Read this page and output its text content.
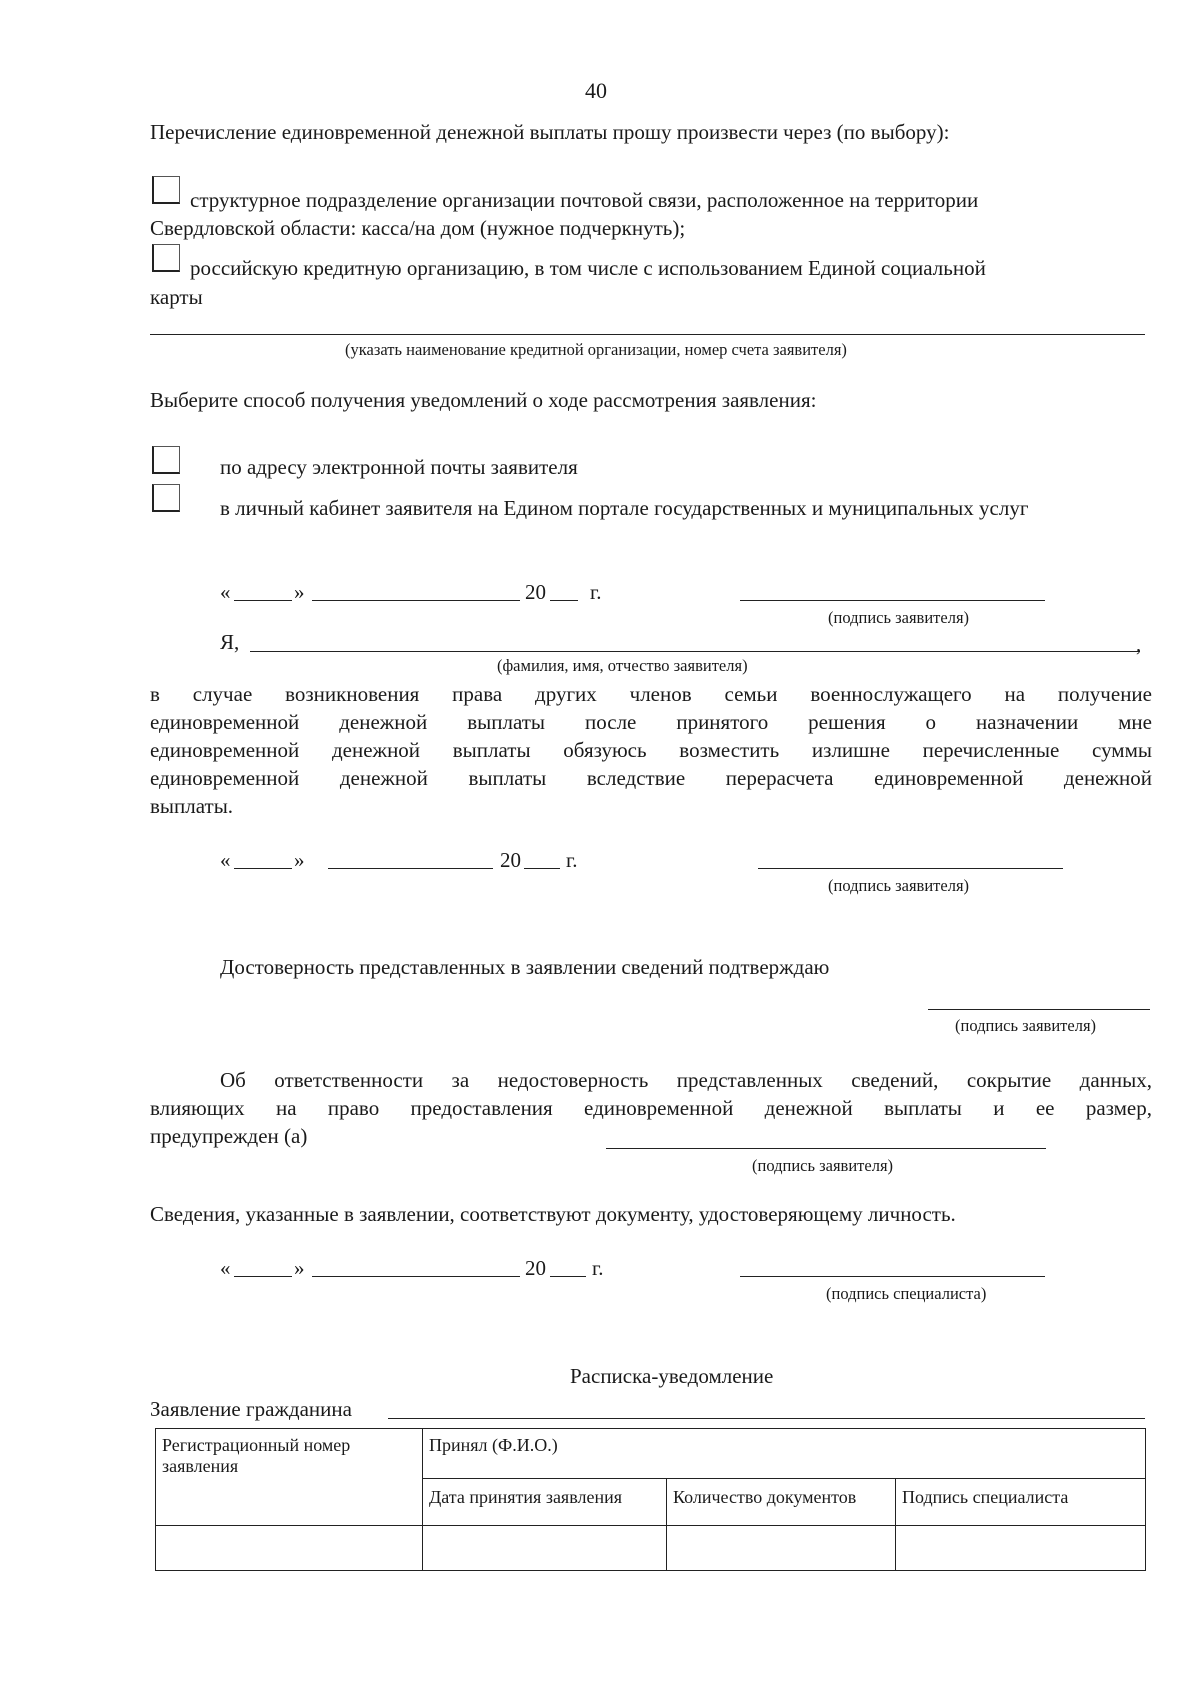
40
Перечисление единовременной денежной выплаты прошу произвести через (по выбору):
структурное подразделение организации почтовой связи, расположенное на территории
Свердловской области: касса/на дом (нужное подчеркнуть);
российскую кредитную организацию, в том числе с использованием Единой социальной
карты
(указать наименование кредитной организации, номер счета заявителя)
Выберите способ получения уведомлений о ходе рассмотрения заявления:
по адресу электронной почты заявителя
в личный кабинет заявителя на Едином портале государственных и муниципальных услуг
«	»	20 г.
(подпись заявителя)
Я,	,
(фамилия, имя, отчество заявителя)
в случае возникновения права других членов семьи военнослужащего на получение
единовременной денежной выплаты после принятого решения о назначении мне
единовременной денежной выплаты обязуюсь возместить излишне перечисленные суммы
единовременной денежной выплаты вследствие перерасчета единовременной денежной
выплаты.
«	»	20 г.
(подпись заявителя)
Достоверность представленных в заявлении сведений подтверждаю
(подпись заявителя)
Об ответственности за недостоверность представленных сведений, сокрытие данных,
влияющих на право предоставления единовременной денежной выплаты и ее размер,
предупрежден (а)
(подпись заявителя)
Сведения, указанные в заявлении, соответствуют документу, удостоверяющему личность.
«	»	20 г.
(подпись специалиста)
Расписка-уведомление
Заявление гражданина
Регистрационный номер заявления	Принял (Ф.И.О.)		
	Дата принятия заявления	Количество документов	Подпись специалиста
